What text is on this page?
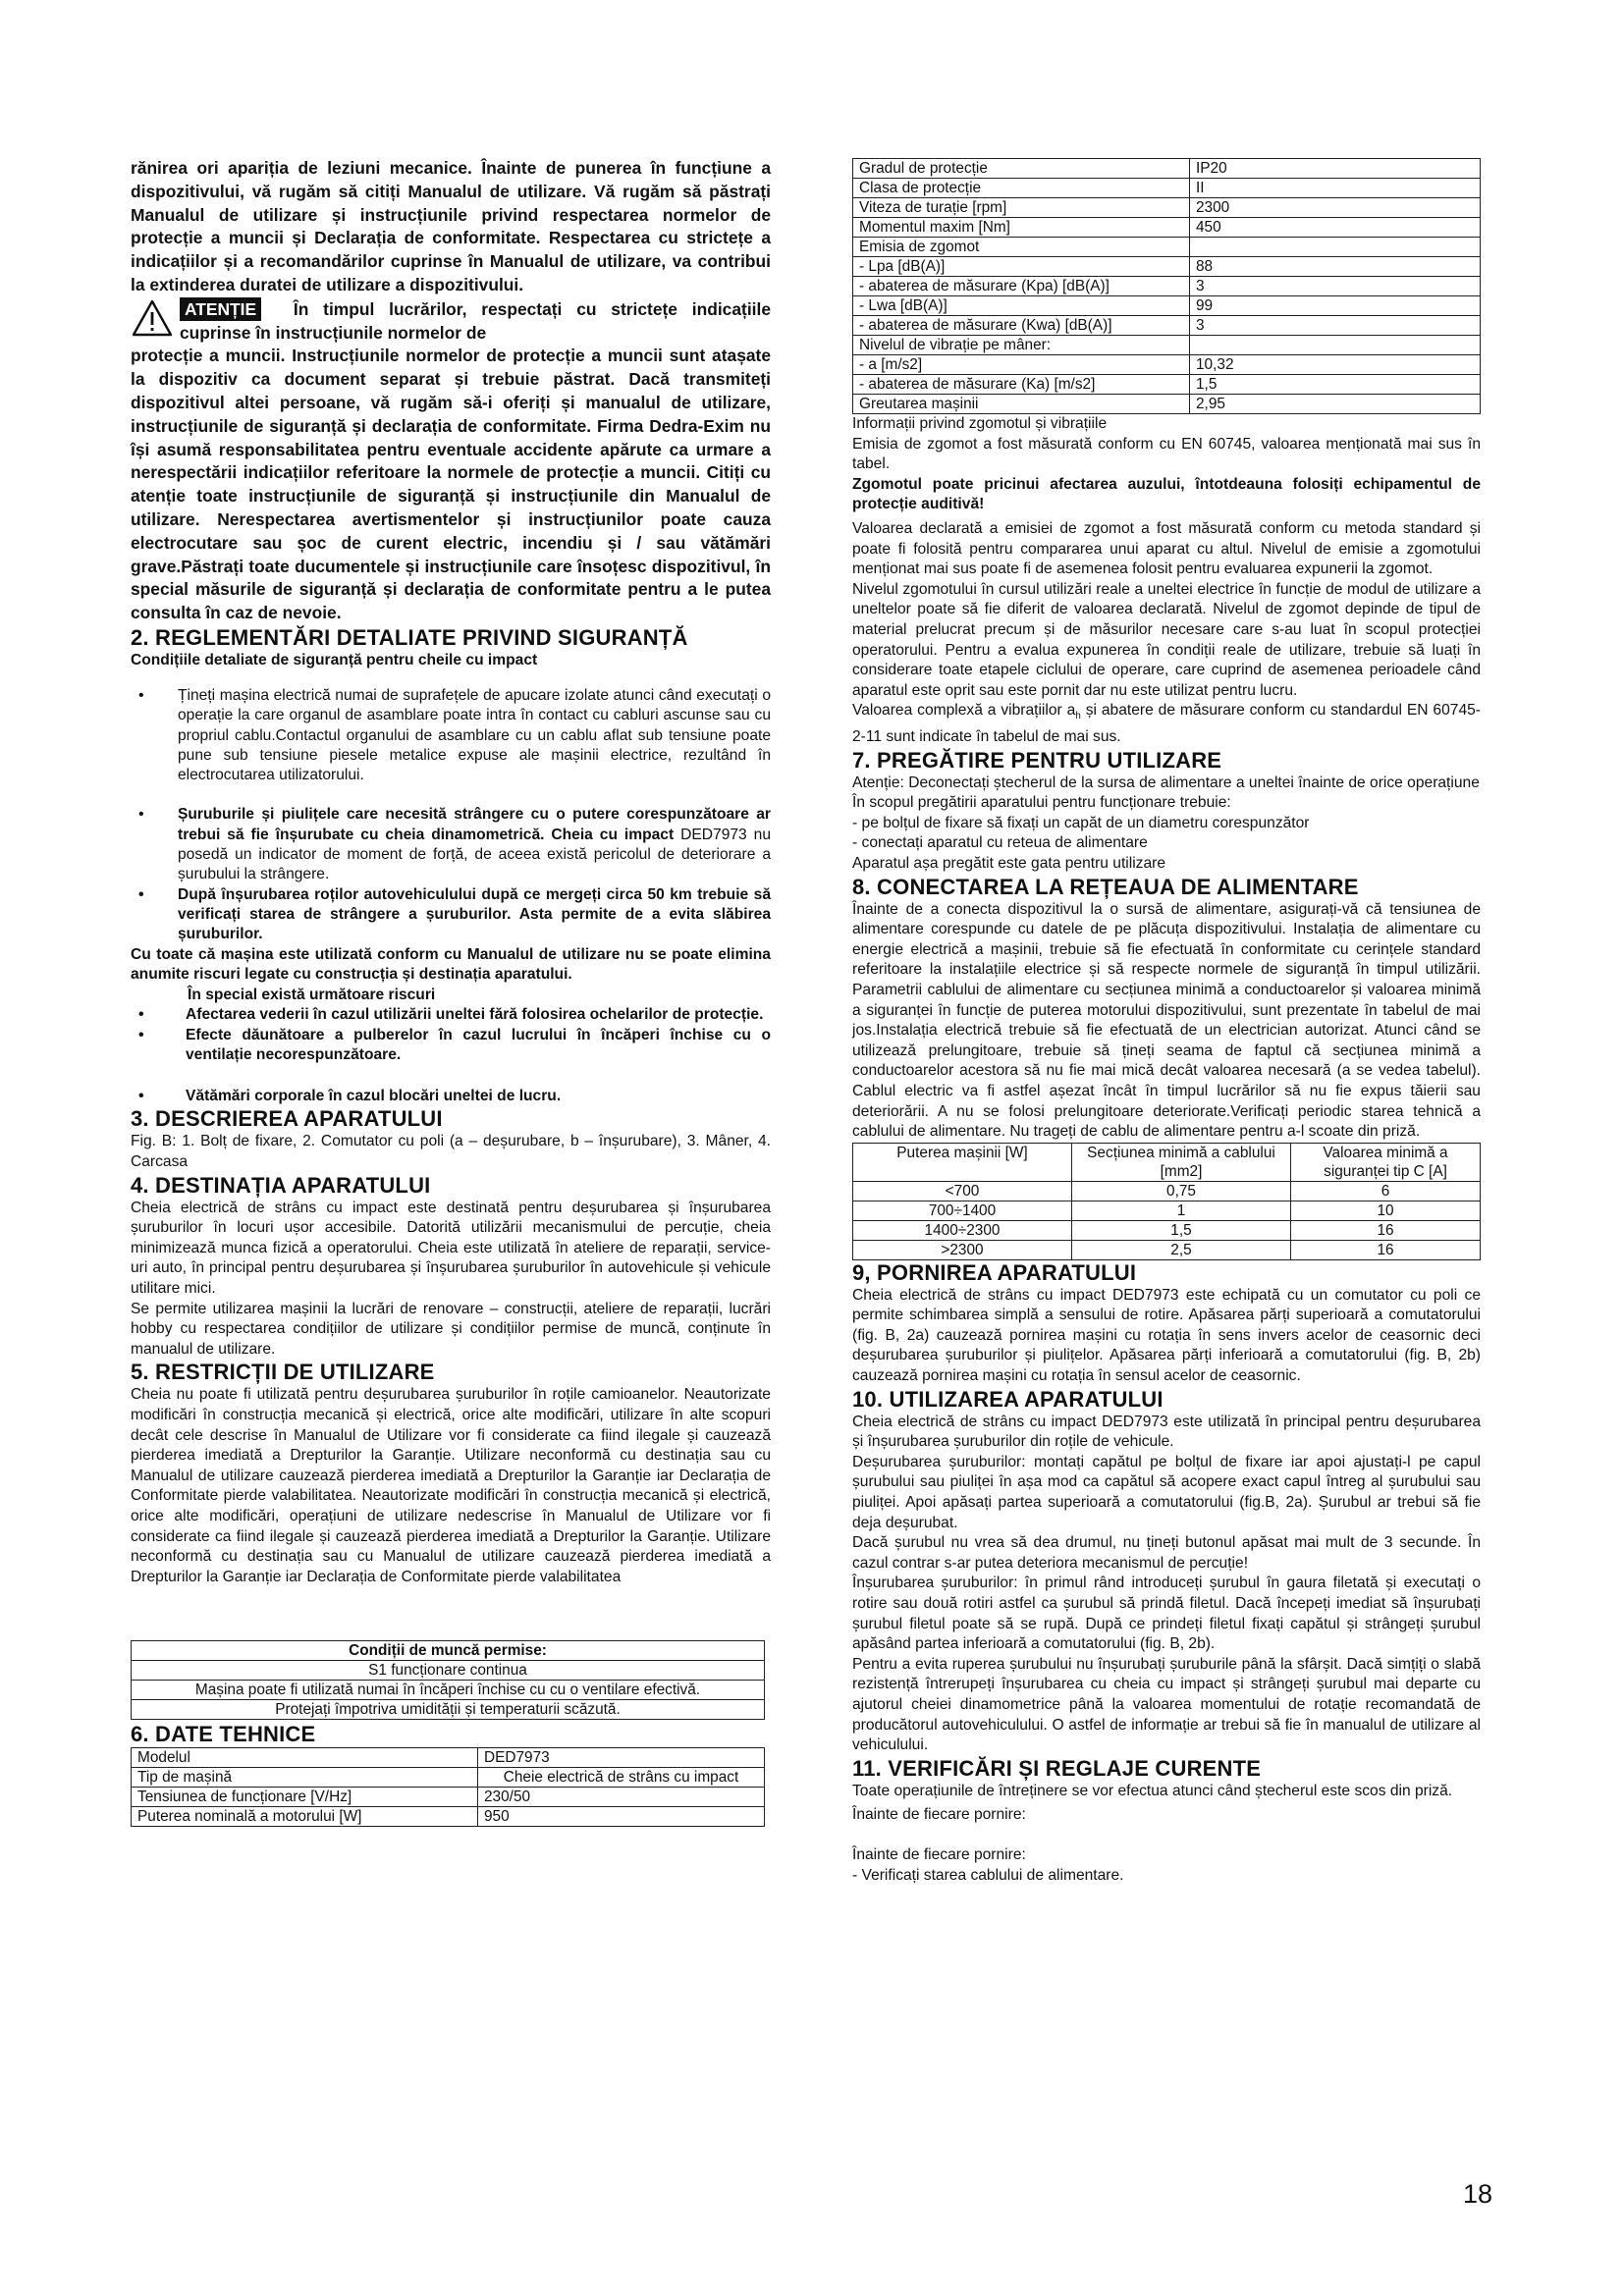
rănirea ori apariția de leziuni mecanice. Înainte de punerea în funcțiune a dispozitivului, vă rugăm să citiți Manualul de utilizare. Vă rugăm să păstrați Manualul de utilizare și instrucțiunile privind respectarea normelor de protecție a muncii și Declarația de conformitate. Respectarea cu strictețe a indicațiilor și a recomandărilor cuprinse în Manualul de utilizare, va contribui la extinderea duratei de utilizare a dispozitivului.

ATENȚIE În timpul lucrărilor, respectați cu strictețe indicațiile cuprinse în instrucțiunile normelor de

protecție a muncii. Instrucțiunile normelor de protecție a muncii sunt atașate la dispozitiv ca document separat și trebuie păstrat. Dacă transmiteți dispozitivul altei persoane, vă rugăm să-i oferiți și manualul de utilizare, instrucțiunile de siguranță și declarația de conformitate. Firma Dedra-Exim nu își asumă responsabilitatea pentru eventuale accidente apărute ca urmare a nerespectării indicațiilor referitoare la normele de protecție a muncii. Citiți cu atenție toate instrucțiunile de siguranță și instrucțiunile din Manualul de utilizare. Nerespectarea avertismentelor și instrucțiunilor poate cauza electrocutare sau șoc de curent electric, incendiu și / sau vătămări grave.Păstrați toate ducumentele și instrucțiunile care însoțesc dispozitivul, în special măsurile de siguranță și declarația de conformitate pentru a le putea consulta în caz de nevoie.

2. REGLEMENTĂRI DETALIATE PRIVIND SIGURANȚĂ

Condițiile detaliate de siguranță pentru cheile cu impact

• Țineți mașina electrică numai de suprafețele de apucare izolate atunci când executați o operație la care organul de asamblare poate intra în contact cu cabluri ascunse sau cu propriul cablu.Contactul organului de asamblare cu un cablu aflat sub tensiune poate pune sub tensiune piesele metalice expuse ale mașinii electrice, rezultând în electrocutarea utilizatorului.
• Șuruburile și piulițele care necesită strângere cu o putere corespunzătoare ar trebui să fie înșurubate cu cheia dinamometrică. Cheia cu impact DED7973 nu posedă un indicator de moment de forță, de aceea există pericolul de deteriorare a șurubului la strângere.
• După înșurubarea roților autovehiculului după ce mergeți circa 50 km trebuie să verificați starea de strângere a șuruburilor. Asta permite de a evita slăbirea șuruburilor.

Cu toate că mașina este utilizată conform cu Manualul de utilizare nu se poate elimina anumite riscuri legate cu construcția și destinația aparatului.

În special există următoare riscuri

• Afectarea vederii în cazul utilizării uneltei fără folosirea ochelarilor de protecție.
• Efecte dăunătoare a pulberelor în cazul lucrului în încăperi închise cu o ventilație necorespunzătoare.
• Vătămări corporale în cazul blocări uneltei de lucru.
3. DESCRIEREA APARATULUI

Fig. B: 1. Bolț de fixare, 2. Comutator cu poli (a – deșurubare, b – înșurubare), 3. Mâner, 4. Carcasa

4. DESTINAȚIA APARATULUI

Cheia electrică de strâns cu impact este destinată pentru deșurubarea și înșurubarea șuruburilor în locuri ușor accesibile. Datorită utilizării mecanismului de percuție, cheia minimizează munca fizică a operatorului. Cheia este utilizată în ateliere de reparații, service-uri auto, în principal pentru deșurubarea și înșurubarea șuruburilor în autovehicule și vehicule utilitare mici.

Se permite utilizarea mașinii la lucrări de renovare – construcții, ateliere de reparații, lucrări hobby cu respectarea condițiilor de utilizare și condițiilor permise de muncă, conținute în manualul de utilizare.

5. RESTRICȚII DE UTILIZARE

Cheia nu poate fi utilizată pentru deșurubarea șuruburilor în roțile camioanelor. Neautorizate modificări în construcția mecanică și electrică, orice alte modificări, utilizare în alte scopuri decât cele descrise în Manualul de Utilizare vor fi considerate ca fiind ilegale și cauzează pierderea imediată a Drepturilor la Garanție. Utilizare neconformă cu destinația sau cu Manualul de utilizare cauzează pierderea imediată a Drepturilor la Garanție iar Declarația de Conformitate pierde valabilitatea. Neautorizate modificări în construcția mecanică și electrică, orice alte modificări, operațiuni de utilizare nedescrise în Manualul de Utilizare vor fi considerate ca fiind ilegale și cauzează pierderea imediată a Drepturilor la Garanție. Utilizare neconformă cu destinația sau cu Manualul de utilizare cauzează pierderea imediată a Drepturilor la Garanție iar Declarația de Conformitate pierde valabilitatea

Condiții de muncă permise:
S1 funcționare continua
Mașina poate fi utilizată numai în încăperi închise cu cu o ventilare efectivă.
Protejați împotriva umidității și temperaturii scăzută.
6. DATE TEHNICE
Modelul	DED7973
Tip de mașină	Cheie electrică de strâns cu impact
Tensiunea de funcționare [V/Hz]	230/50
Puterea nominală a motorului [W]	950
Gradul de protecție	IP20
Clasa de protecție	II
Viteza de turație [rpm]	2300
Momentul maxim [Nm]	450
Emisia de zgomot	
- Lpa [dB(A)]	88
- abaterea de măsurare (Kpa) [dB(A)]	3
- Lwa [dB(A)]	99
- abaterea de măsurare (Kwa) [dB(A)]	3
Nivelul de vibrație pe mâner:	
- a [m/s2]	10,32
- abaterea de măsurare (Ka) [m/s2]	1,5
Greutarea mașinii	2,95

Informații privind zgomotul și vibrațiile

Emisia de zgomot a fost măsurată conform cu EN 60745, valoarea menționată mai sus în tabel.

Zgomotul poate pricinui afectarea auzului, întotdeauna folosiți echipamentul de protecție auditivă!

Valoarea declarată a emisiei de zgomot a fost măsurată conform cu metoda standard și poate fi folosită pentru compararea unui aparat cu altul. Nivelul de emisie a zgomotului menționat mai sus poate fi de asemenea folosit pentru evaluarea expunerii la zgomot.

Nivelul zgomotului în cursul utilizări reale a uneltei electrice în funcție de modul de utilizare a uneltelor poate să fie diferit de valoarea declarată. Nivelul de zgomot depinde de tipul de material prelucrat precum și de măsurilor necesare care s-au luat în scopul protecției operatorului. Pentru a evalua expunerea în condiții reale de utilizare, trebuie să luați în considerare toate etapele ciclului de operare, care cuprind de asemenea perioadele când aparatul este oprit sau este pornit dar nu este utilizat pentru lucru.

Valoarea complexă a vibrațiilor $a_h$ și abatere de măsurare conform cu standardul EN 60745-2-11 sunt indicate în tabelul de mai sus.

7. PREGĂTIRE PENTRU UTILIZARE

Atenție: Deconectați ștecherul de la sursa de alimentare a uneltei înainte de orice operațiune

În scopul pregătirii aparatului pentru funcționare trebuie:

- pe bolțul de fixare să fixați un capăt de un diametru corespunzător

- conectați aparatul cu reteua de alimentare

Aparatul așa pregătit este gata pentru utilizare

8. CONECTAREA LA REȚEAUA DE ALIMENTARE

Înainte de a conecta dispozitivul la o sursă de alimentare, asigurați-vă că tensiunea de alimentare corespunde cu datele de pe plăcuța dispozitivului. Instalația de alimentare cu energie electrică a mașinii, trebuie să fie efectuată în conformitate cu cerințele standard referitoare la instalațiile electrice și să respecte normele de siguranță în timpul utilizării. Parametrii cablului de alimentare cu secțiunea minimă a conductoarelor și valoarea minimă a siguranței în funcție de puterea motorului dispozitivului, sunt prezentate în tabelul de mai jos.Instalația electrică trebuie să fie efectuată de un electrician autorizat. Atunci când se utilizează prelungitoare, trebuie să țineți seama de faptul că secțiunea minimă a conductoarelor acestora să nu fie mai mică decât valoarea necesară (a se vedea tabelul). Cablul electric va fi astfel așezat încât în timpul lucrărilor să nu fie expus tăierii sau deteriorării. A nu se folosi prelungitoare deteriorate.Verificați periodic starea tehnică a cablului de alimentare. Nu trageți de cablu de alimentare pentru a-l scoate din priză.

Puterea mașinii [W]	Secțiunea minimă a cablului [mm2]	Valoarea minimă a siguranței tip C [A]
<700	0,75	6
700÷1400	1	10
1400÷2300	1,5	16
>2300	2,5	16
9, PORNIREA APARATULUI

Cheia electrică de strâns cu impact DED7973 este echipată cu un comutator cu poli ce permite schimbarea simplă a sensului de rotire. Apăsarea părți superioară a comutatorului (fig. B, 2a) cauzează pornirea mașini cu rotația în sens invers acelor de ceasornic deci deșurubarea șuruburilor și piulițelor. Apăsarea părți inferioară a comutatorului (fig. B, 2b) cauzează pornirea mașini cu rotația în sensul acelor de ceasornic.

10. UTILIZAREA APARATULUI

Cheia electrică de strâns cu impact DED7973 este utilizată în principal pentru deșurubarea și înșurubarea șuruburilor din roțile de vehicule.

Deșurubarea șuruburilor: montați capătul pe bolțul de fixare iar apoi ajustați-l pe capul șurubului sau piuliței în așa mod ca capătul să acopere exact capul întreg al șurubului sau piuliței. Apoi apăsați partea superioară a comutatorului (fig.B, 2a). Șurubul ar trebui să fie deja deșurubat.

Dacă șurubul nu vrea să dea drumul, nu țineți butonul apăsat mai mult de 3 secunde. În cazul contrar s-ar putea deteriora mecanismul de percuție!

Înșurubarea șuruburilor: în primul rând introduceți șurubul în gaura filetată și executați o rotire sau două rotiri astfel ca șurubul să prindă filetul. Dacă începeți imediat să înșurubați șurubul filetul poate să se rupă. După ce prindeți filetul fixați capătul și strângeți șurubul apăsând partea inferioară a comutatorului (fig. B, 2b).

Pentru a evita ruperea șurubului nu înșurubați șuruburile până la sfârșit. Dacă simțiți o slabă rezistență întrerupeți înșurubarea cu cheia cu impact și strângeți șurubul mai departe cu ajutorul cheiei dinamometrice până la valoarea momentului de rotație recomandată de producătorul autovehiculului. O astfel de informație ar trebui să fie în manualul de utilizare al vehiculului.

11. VERIFICĂRI ȘI REGLAJE CURENTE

Toate operațiunile de întreținere se vor efectua atunci când ștecherul este scos din priză.

Înainte de fiecare pornire:

Înainte de fiecare pornire:

- Verificați starea cablului de alimentare.

18
